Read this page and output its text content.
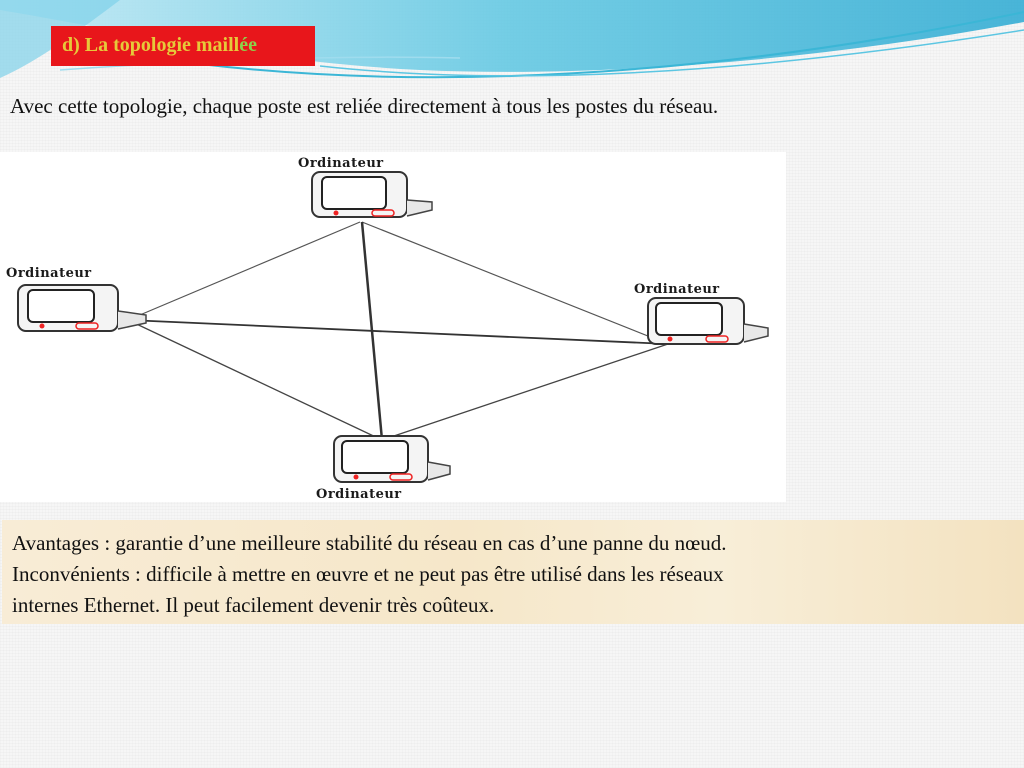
d) La topologie maillée
Avec cette topologie, chaque poste est reliée directement à tous les postes du réseau.
Ordinateur
Ordinateur
Ordinateur
Ordinateur
Avantages : garantie d’une meilleure stabilité du réseau en cas d’une panne du nœud.
Inconvénients : difficile à mettre en œuvre et ne peut pas être utilisé dans les réseaux
internes Ethernet. Il peut facilement devenir très coûteux.
